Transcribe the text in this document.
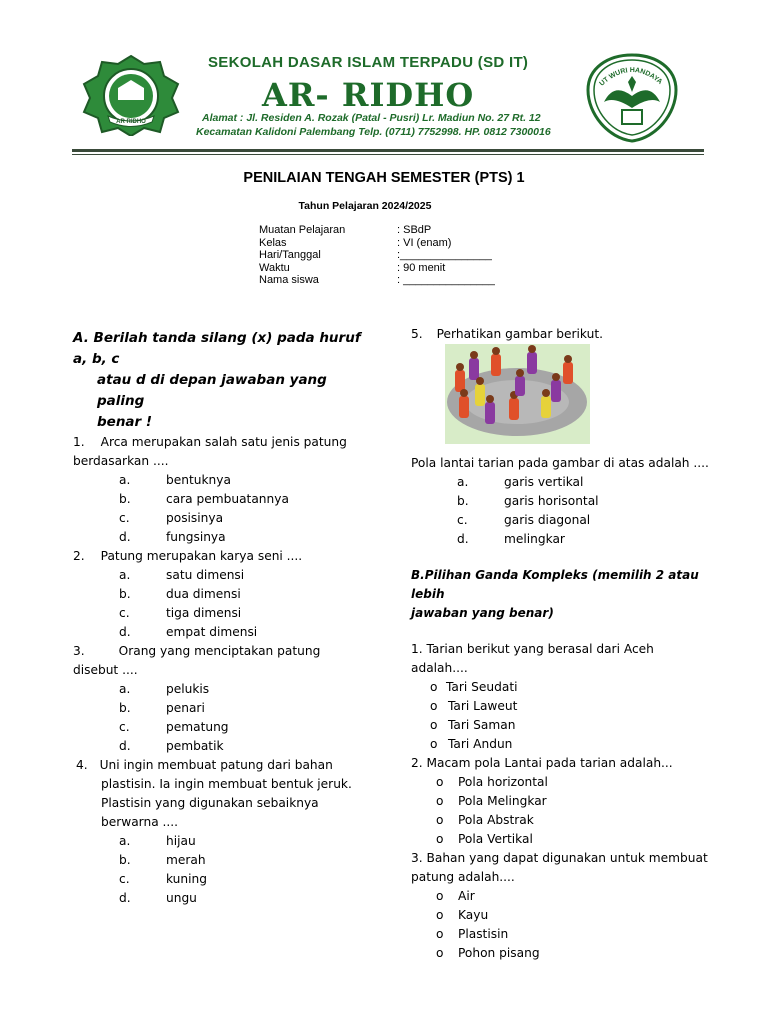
AR RIDHO
SEKOLAH DASAR ISLAM TERPADU (SD IT)
AR- RIDHO
Alamat : Jl. Residen A. Rozak (Patal - Pusri) Lr. Madiun No. 27 Rt. 12
Kecamatan Kalidoni Palembang Telp. (0711) 7752998. HP. 0812 7300016
UT WURI HANDAYA
PENILAIAN TENGAH SEMESTER (PTS) 1
Tahun Pelajaran 2024/2025
Muatan Pelajaran	: SBdP
Kelas	: VI (enam)
Hari/Tanggal	:_______________
Waktu	: 90 menit
Nama siswa	: _______________
A. Berilah tanda silang (x) pada huruf a, b, c
atau d di depan jawaban yang paling
benar !
1. Arca merupakan salah satu jenis patung
berdasarkan ....
a.	bentuknya
b.	cara pembuatannya
c.	posisinya
d.	fungsinya
2. Patung merupakan karya seni ....
a.	satu dimensi
b.	dua dimensi
c.	tiga dimensi
d.	empat dimensi
3.	Orang yang menciptakan patung
disebut ....
a.	pelukis
b.	penari
c.	pematung
d.	pembatik
4. Uni ingin membuat patung dari bahan
plastisin. Ia ingin membuat bentuk jeruk.
Plastisin yang digunakan sebaiknya
berwarna ....
a.	hijau
b.	merah
c.	kuning
d.	ungu
5. Perhatikan gambar berikut.
Pola lantai tarian pada gambar di atas adalah ....
a.	garis vertikal
b.	garis horisontal
c.	garis diagonal
d.	melingkar
B.Pilihan Ganda Kompleks (memilih 2 atau lebih
jawaban yang benar)
1. Tarian berikut yang berasal dari Aceh adalah....
o Tari Seudati
o Tari Laweut
o Tari Saman
o Tari Andun
2. Macam pola Lantai pada tarian adalah...
o	Pola horizontal
o	Pola Melingkar
o	Pola Abstrak
o	Pola Vertikal
3. Bahan yang dapat digunakan untuk membuat
patung adalah....
o	Air
o	Kayu
o	Plastisin
o	Pohon pisang
